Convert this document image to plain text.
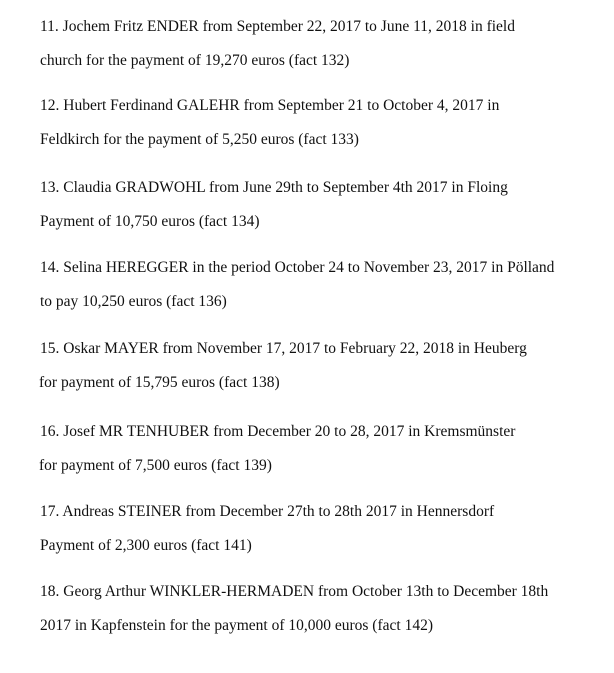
11. Jochem Fritz ENDER from September 22, 2017 to June 11, 2018 in field
church for the payment of 19,270 euros (fact 132)
12. Hubert Ferdinand GALEHR from September 21 to October 4, 2017 in
Feldkirch for the payment of 5,250 euros (fact 133)
13. Claudia GRADWOHL from June 29th to September 4th 2017 in Floing
Payment of 10,750 euros (fact 134)
14. Selina HEREGGER in the period October 24 to November 23, 2017 in Pölland
to pay 10,250 euros (fact 136)
15. Oskar MAYER from November 17, 2017 to February 22, 2018 in Heuberg
for payment of 15,795 euros (fact 138)
16. Josef MR TENHUBER from December 20 to 28, 2017 in Kremsmünster
for payment of 7,500 euros (fact 139)
17. Andreas STEINER from December 27th to 28th 2017 in Hennersdorf
Payment of 2,300 euros (fact 141)
18. Georg Arthur WINKLER-HERMADEN from October 13th to December 18th
2017 in Kapfenstein for the payment of 10,000 euros (fact 142)
